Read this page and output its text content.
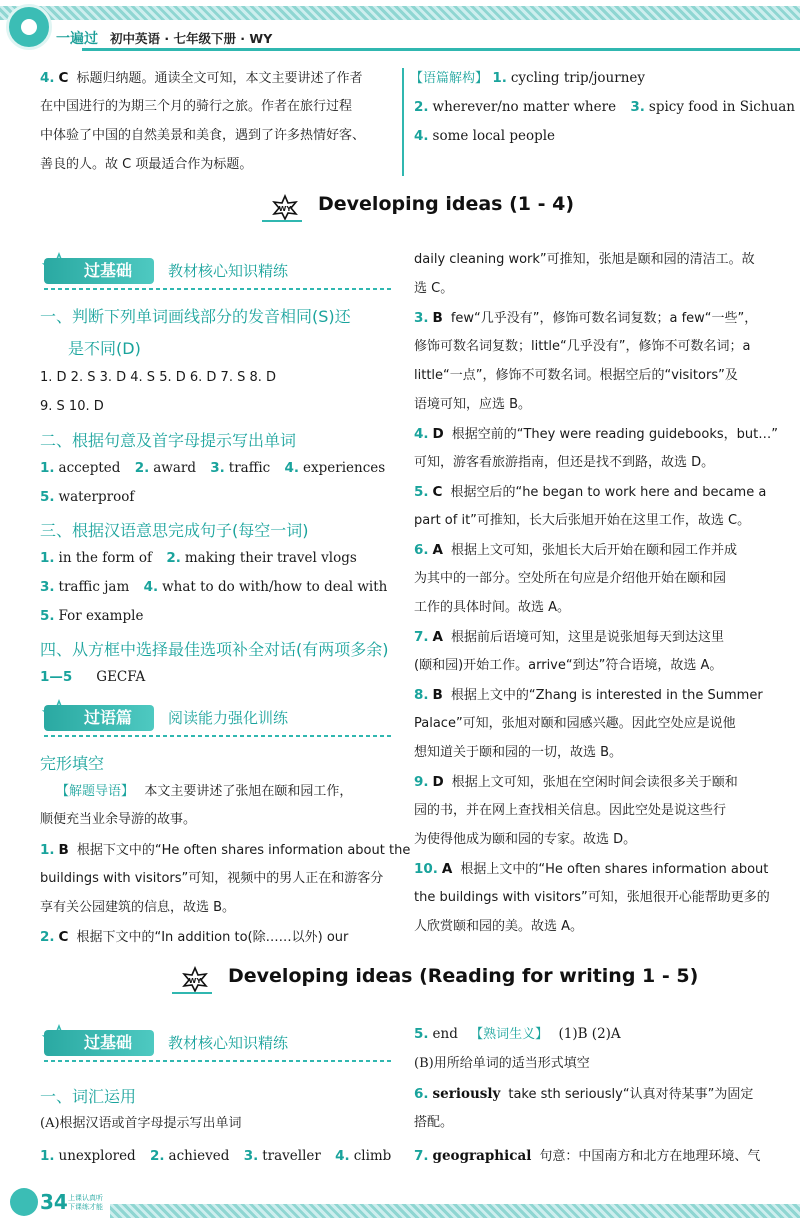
一遍过 初中英语 · 七年级下册 · WY
4. C 标题归纳题。通读全文可知，本文主要讲述了作者
在中国进行的为期三个月的骑行之旅。作者在旅行过程
中体验了中国的自然美景和美食，遇到了许多热情好客、
善良的人。故 C 项最适合作为标题。
【语篇解构】 1. cycling trip/journey
2. wherever/no matter where 3. spicy food in Sichuan
4. some local people
WY Developing ideas (1 - 4)
过基础	教材核心知识精练
一、判断下列单词画线部分的发音相同(S)还
是不同(D)
1. D 2. S 3. D 4. S 5. D 6. D 7. S 8. D
9. S 10. D
二、根据句意及首字母提示写出单词
1. accepted 2. award 3. traffic 4. experiences
5. waterproof
三、根据汉语意思完成句子(每空一词)
1. in the form of 2. making their travel vlogs
3. traffic jam 4. what to do with/how to deal with
5. For example
四、从方框中选择最佳选项补全对话(有两项多余)
1—5 GECFA
过语篇	阅读能力强化训练
完形填空
【解题导语】 本文主要讲述了张旭在颐和园工作，
顺便充当业余导游的故事。
1. B 根据下文中的“He often shares information about the
buildings with visitors”可知，视频中的男人正在和游客分
享有关公园建筑的信息，故选 B。
2. C 根据下文中的“In addition to(除……以外) our
daily cleaning work”可推知，张旭是颐和园的清洁工。故
选 C。
3. B few“几乎没有”，修饰可数名词复数；a few“一些”，
修饰可数名词复数；little“几乎没有”，修饰不可数名词；a
little“一点”，修饰不可数名词。根据空后的“visitors”及
语境可知，应选 B。
4. D 根据空前的“They were reading guidebooks，but…”
可知，游客看旅游指南，但还是找不到路，故选 D。
5. C 根据空后的“he began to work here and became a
part of it”可推知，长大后张旭开始在这里工作，故选 C。
6. A 根据上文可知，张旭长大后开始在颐和园工作并成
为其中的一部分。空处所在句应是介绍他开始在颐和园
工作的具体时间。故选 A。
7. A 根据前后语境可知，这里是说张旭每天到达这里
(颐和园)开始工作。arrive“到达”符合语境，故选 A。
8. B 根据上文中的“Zhang is interested in the Summer
Palace”可知，张旭对颐和园感兴趣。因此空处应是说他
想知道关于颐和园的一切，故选 B。
9. D 根据上文可知，张旭在空闲时间会读很多关于颐和
园的书，并在网上查找相关信息。因此空处是说这些行
为使得他成为颐和园的专家。故选 D。
10. A 根据上文中的“He often shares information about
the buildings with visitors”可知，张旭很开心能帮助更多的
人欣赏颐和园的美。故选 A。
WY Developing ideas (Reading for writing 1 - 5)
过基础	教材核心知识精练
一、词汇运用
(A)根据汉语或首字母提示写出单词
1. unexplored 2. achieved 3. traveller 4. climb
5. end 【熟词生义】 (1)B (2)A
(B)用所给单词的适当形式填空
6. seriously take sth seriously“认真对待某事”为固定
搭配。
7. geographical 句意：中国南方和北方在地理环境、气
34 上课认真听
下课练才能
